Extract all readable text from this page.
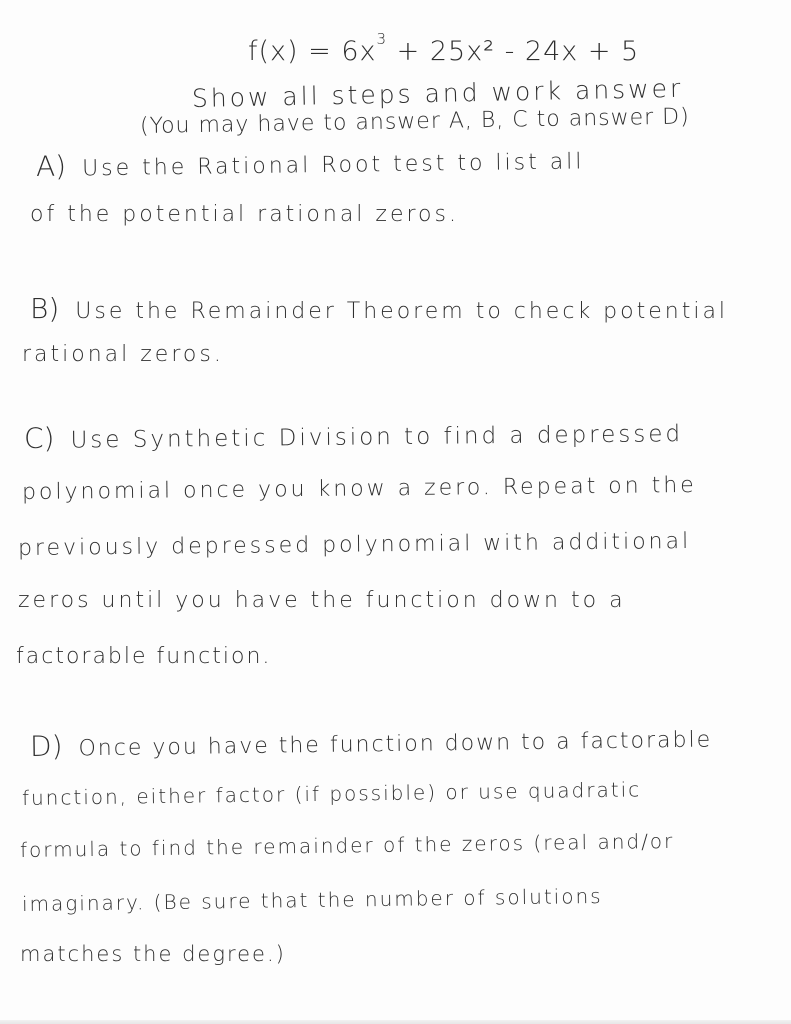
$f(x) = 6x^3 + 25x^2 - 24x + 5$
Show all steps and work answer
(You may have to answer A, B, C to answer D)
A) Use the Rational Root test to list all
of the potential rational zeros.
B) Use the Remainder Theorem to check potential
rational zeros.
C) Use Synthetic Division to find a depressed
polynomial once you know a zero. Repeat on the
previously depressed polynomial with additional
zeros until you have the function down to a
factorable function.
D) Once you have the function down to a factorable
function, either factor (if possible) or use quadratic
formula to find the remainder of the zeros (real and/or
imaginary. (Be sure that the number of solutions
matches the degree.)
